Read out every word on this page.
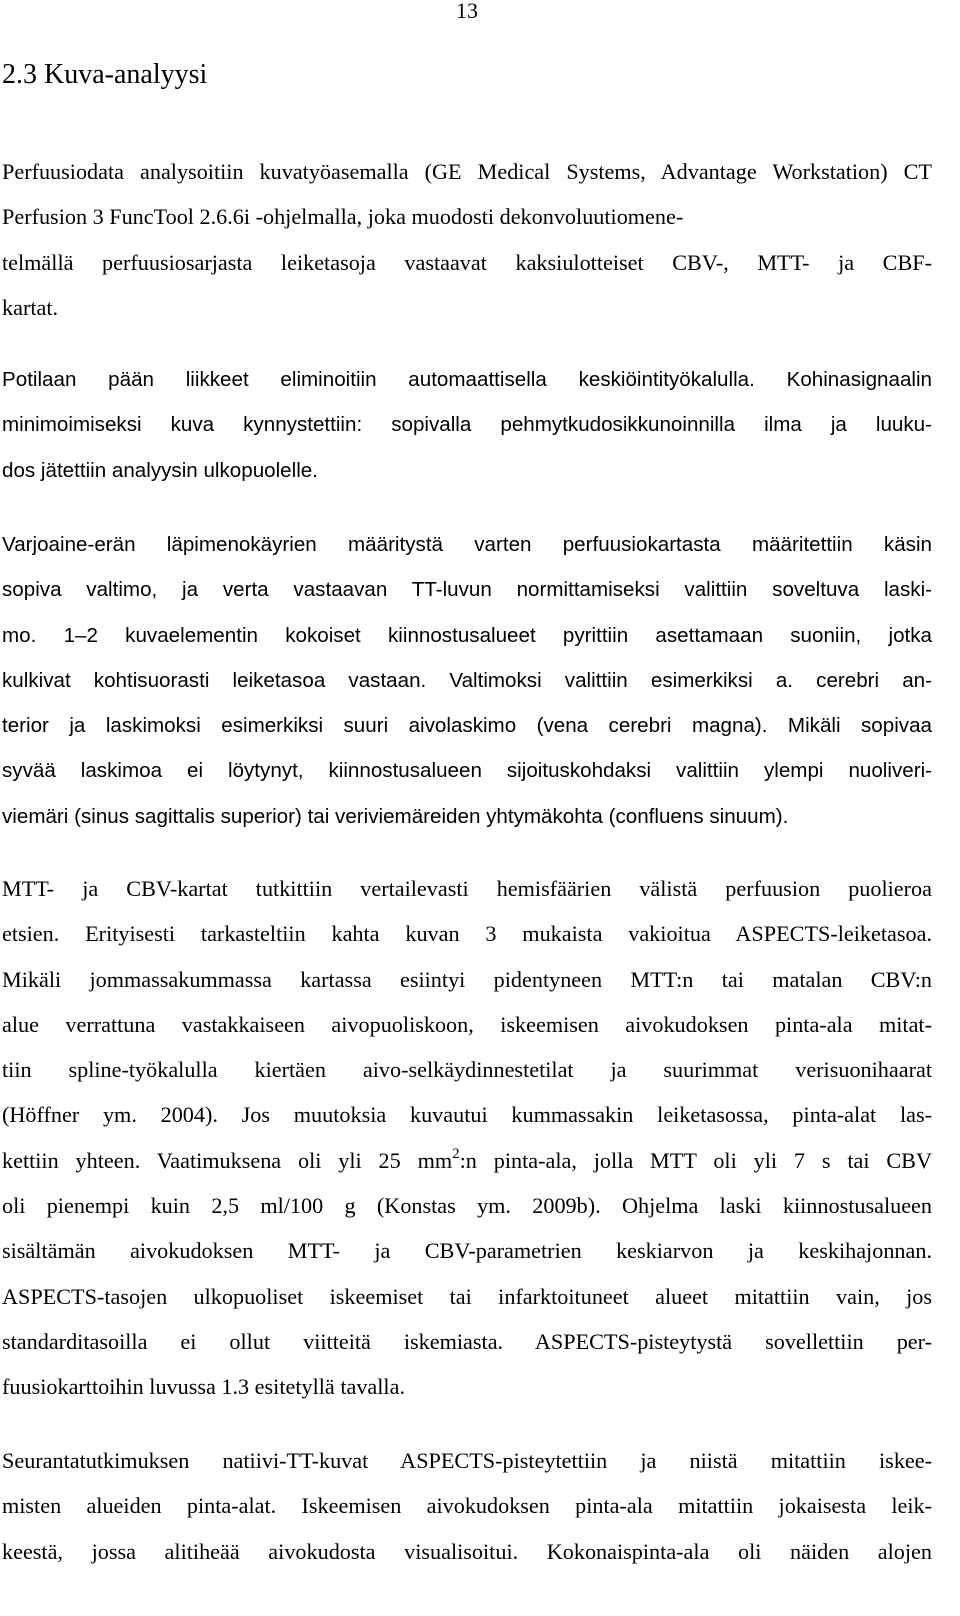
13
2.3 Kuva-analyysi

Perfuusiodata analysoitiin kuvatyöasemalla (GE Medical Systems, Advantage Workstation) CT Perfusion 3 FuncTool 2.6.6i -ohjelmalla, joka muodosti dekonvoluutiomene-
telmällä perfuusiosarjasta leiketasoja vastaavat kaksiulotteiset CBV-, MTT- ja CBF-
kartat.

Potilaan pään liikkeet eliminoitiin automaattisella keskiöintityökalulla. Kohinasignaalin
minimoimiseksi kuva kynnystettiin: sopivalla pehmytkudosikkunoinnilla ilma ja luuku-
dos jätettiin analyysin ulkopuolelle.

Varjoaine-erän läpimenokäyrien määritystä varten perfuusiokartasta määritettiin käsin
sopiva valtimo, ja verta vastaavan TT-luvun normittamiseksi valittiin soveltuva laski-
mo. 1–2 kuvaelementin kokoiset kiinnostusalueet pyrittiin asettamaan suoniin, jotka
kulkivat kohtisuorasti leiketasoa vastaan. Valtimoksi valittiin esimerkiksi a. cerebri an-
terior ja laskimoksi esimerkiksi suuri aivolaskimo (vena cerebri magna). Mikäli sopivaa
syvää laskimoa ei löytynyt, kiinnostusalueen sijoituskohdaksi valittiin ylempi nuoliveri-
viemäri (sinus sagittalis superior) tai veriviemäreiden yhtymäkohta (confluens sinuum).

MTT- ja CBV-kartat tutkittiin vertailevasti hemisfäärien välistä perfuusion puolieroa
etsien. Erityisesti tarkasteltiin kahta kuvan 3 mukaista vakioitua ASPECTS-leiketasoa.
Mikäli jommassakummassa kartassa esiintyi pidentyneen MTT:n tai matalan CBV:n
alue verrattuna vastakkaiseen aivopuoliskoon, iskeemisen aivokudoksen pinta-ala mitat-
tiin spline-työkalulla kiertäen aivo-selkäydinnestetilat ja suurimmat verisuonihaarat
(Höffner ym. 2004). Jos muutoksia kuvautui kummassakin leiketasossa, pinta-alat las-
kettiin yhteen. Vaatimuksena oli yli 25 $mm^2:n$ pinta-ala, jolla MTT oli yli 7 s tai CBV
oli pienempi kuin 2,5 ml/100 g (Konstas ym. 2009b). Ohjelma laski kiinnostusalueen
sisältämän aivokudoksen MTT- ja CBV-parametrien keskiarvon ja keskihajonnan.
ASPECTS-tasojen ulkopuoliset iskeemiset tai infarktoituneet alueet mitattiin vain, jos
standarditasoilla ei ollut viitteitä iskemiasta. ASPECTS-pisteytystä sovellettiin per-
fuusiokarttoihin luvussa 1.3 esitetyllä tavalla.

Seurantatutkimuksen natiivi-TT-kuvat ASPECTS-pisteytettiin ja niistä mitattiin iskee-
misten alueiden pinta-alat. Iskeemisen aivokudoksen pinta-ala mitattiin jokaisesta leik-
keestä, jossa alitiheää aivokudosta visualisoitui. Kokonaispinta-ala oli näiden alojen
